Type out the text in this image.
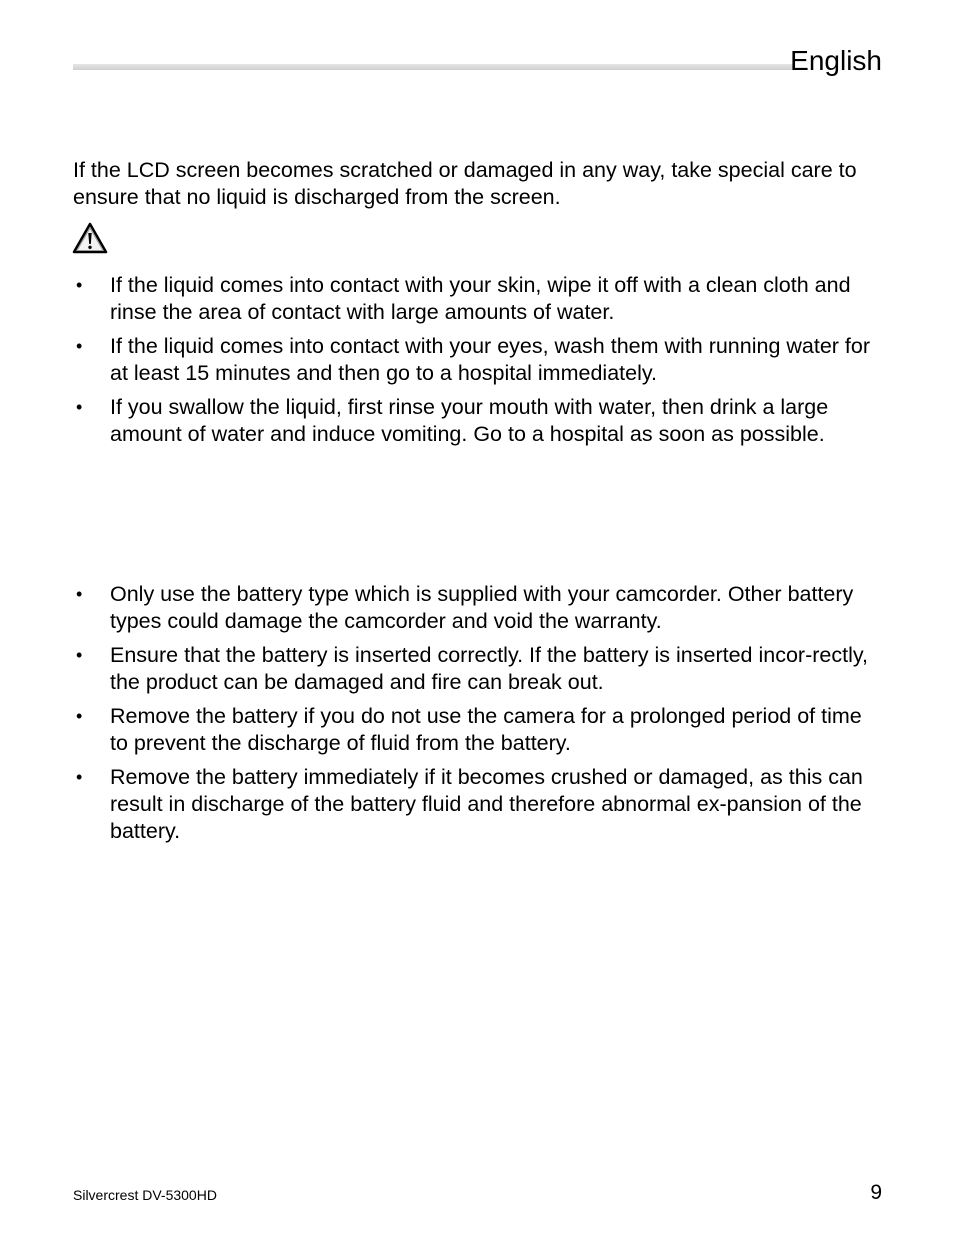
English

If the LCD screen becomes scratched or damaged in any way, take special care to ensure that no liquid is discharged from the screen.

• If the liquid comes into contact with your skin, wipe it off with a clean cloth and rinse the area of contact with large amounts of water.
• If the liquid comes into contact with your eyes, wash them with running water for at least 15 minutes and then go to a hospital immediately.
• If you swallow the liquid, first rinse your mouth with water, then drink a large amount of water and induce vomiting. Go to a hospital as soon as possible.
• Only use the battery type which is supplied with your camcorder. Other battery types could damage the camcorder and void the warranty.
• Ensure that the battery is inserted correctly. If the battery is inserted incor-rectly, the product can be damaged and fire can break out.
• Remove the battery if you do not use the camera for a prolonged period of time to prevent the discharge of fluid from the battery.
• Remove the battery immediately if it becomes crushed or damaged, as this can result in discharge of the battery fluid and therefore abnormal ex-pansion of the battery.
Silvercrest DV-5300HD	9
